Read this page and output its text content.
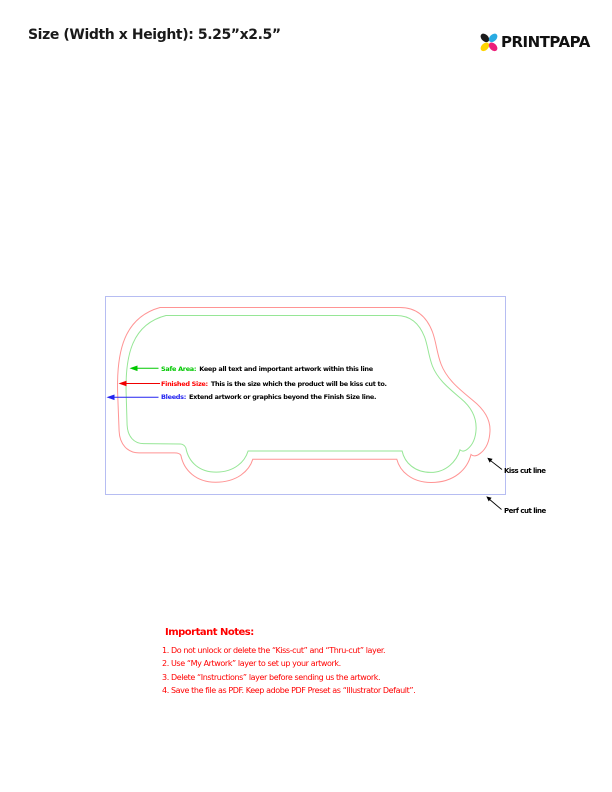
Size (Width x Height): 5.25”x2.5”	PRINTPAPA
Safe Area: Keep all text and important artwork within this line
Finished Size: This is the size which the product will be kiss cut to.
Bleeds: Extend artwork or graphics beyond the Finish Size line.
Kiss cut line
Perf cut line
Important Notes:
1. Do not unlock or delete the “Kiss-cut” and “Thru-cut” layer.
2. Use “My Artwork” layer to set up your artwork.
3. Delete “Instructions” layer before sending us the artwork.
4. Save the file as PDF. Keep adobe PDF Preset as “Illustrator Default”.
